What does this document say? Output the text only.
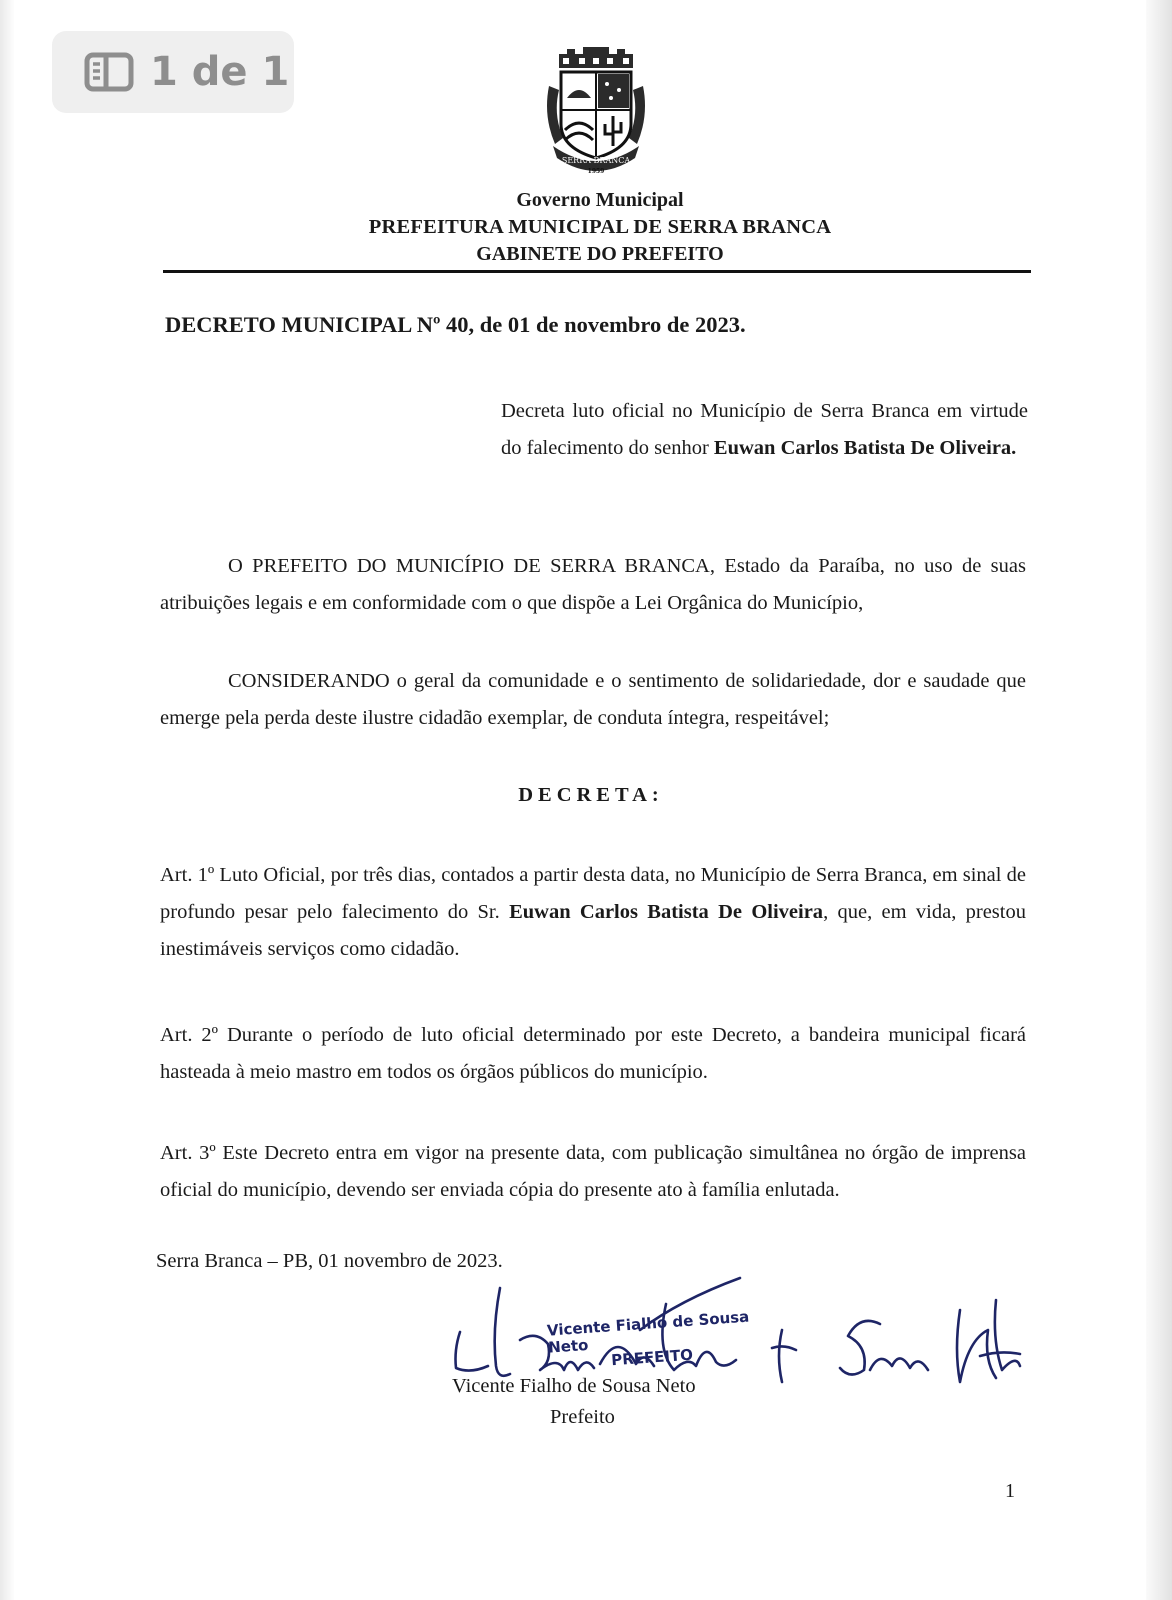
1 de 1
SERRA BRANCA
1959
Governo Municipal
PREFEITURA MUNICIPAL DE SERRA BRANCA
GABINETE DO PREFEITO
DECRETO MUNICIPAL Nº 40, de 01 de novembro de 2023.
Decreta luto oficial no Município de Serra Branca em virtude do falecimento do senhor Euwan Carlos Batista De Oliveira.

O PREFEITO DO MUNICÍPIO DE SERRA BRANCA, Estado da Paraíba, no uso de suas atribuições legais e em conformidade com o que dispõe a Lei Orgânica do Município,

CONSIDERANDO o geral da comunidade e o sentimento de solidariedade, dor e saudade que emerge pela perda deste ilustre cidadão exemplar, de conduta íntegra, respeitável;

DECRETA:

Art. 1º Luto Oficial, por três dias, contados a partir desta data, no Município de Serra Branca, em sinal de profundo pesar pelo falecimento do Sr. Euwan Carlos Batista De Oliveira, que, em vida, prestou inestimáveis serviços como cidadão.

Art. 2º Durante o período de luto oficial determinado por este Decreto, a bandeira municipal ficará hasteada à meio mastro em todos os órgãos públicos do município.

Art. 3º Este Decreto entra em vigor na presente data, com publicação simultânea no órgão de imprensa oficial do município, devendo ser enviada cópia do presente ato à família enlutada.

Serra Branca – PB, 01 novembro de 2023.
Vicente Fialho de Sousa Neto
Prefeito
Vicente Fialho de Sousa Neto	PREFEITO
1
